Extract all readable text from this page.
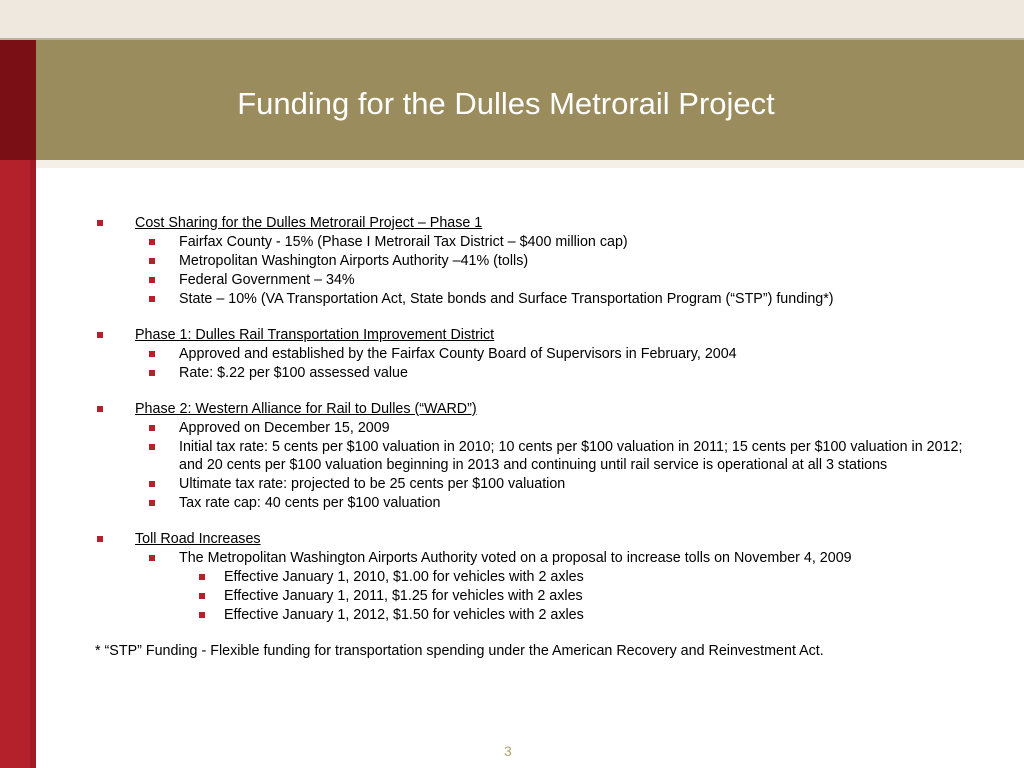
Funding for the Dulles Metrorail Project
Cost Sharing for the Dulles Metrorail Project – Phase 1
Fairfax County - 15% (Phase I Metrorail Tax District – $400 million cap)
Metropolitan Washington Airports Authority –41% (tolls)
Federal Government – 34%
State – 10% (VA Transportation Act, State bonds and Surface Transportation Program (“STP”) funding*)
Phase 1: Dulles Rail Transportation Improvement District
Approved and established by the Fairfax County Board of Supervisors in February, 2004
Rate: $.22 per $100 assessed value
Phase 2: Western Alliance for Rail to Dulles (“WARD”)
Approved on December 15, 2009
Initial tax rate: 5 cents per $100 valuation in 2010; 10 cents per $100 valuation in 2011; 15 cents per $100 valuation in 2012; and 20 cents per $100 valuation beginning in 2013 and continuing until rail service is operational at all 3 stations
Ultimate tax rate: projected to be 25 cents per $100 valuation
Tax rate cap: 40 cents per $100 valuation
Toll Road Increases
The Metropolitan Washington Airports Authority voted on a proposal to increase tolls on November 4, 2009
Effective January 1, 2010, $1.00 for vehicles with 2 axles
Effective January 1, 2011, $1.25 for vehicles with 2 axles
Effective January 1, 2012, $1.50 for vehicles with 2 axles
* “STP” Funding - Flexible funding for transportation spending under the American Recovery and Reinvestment Act.
3
